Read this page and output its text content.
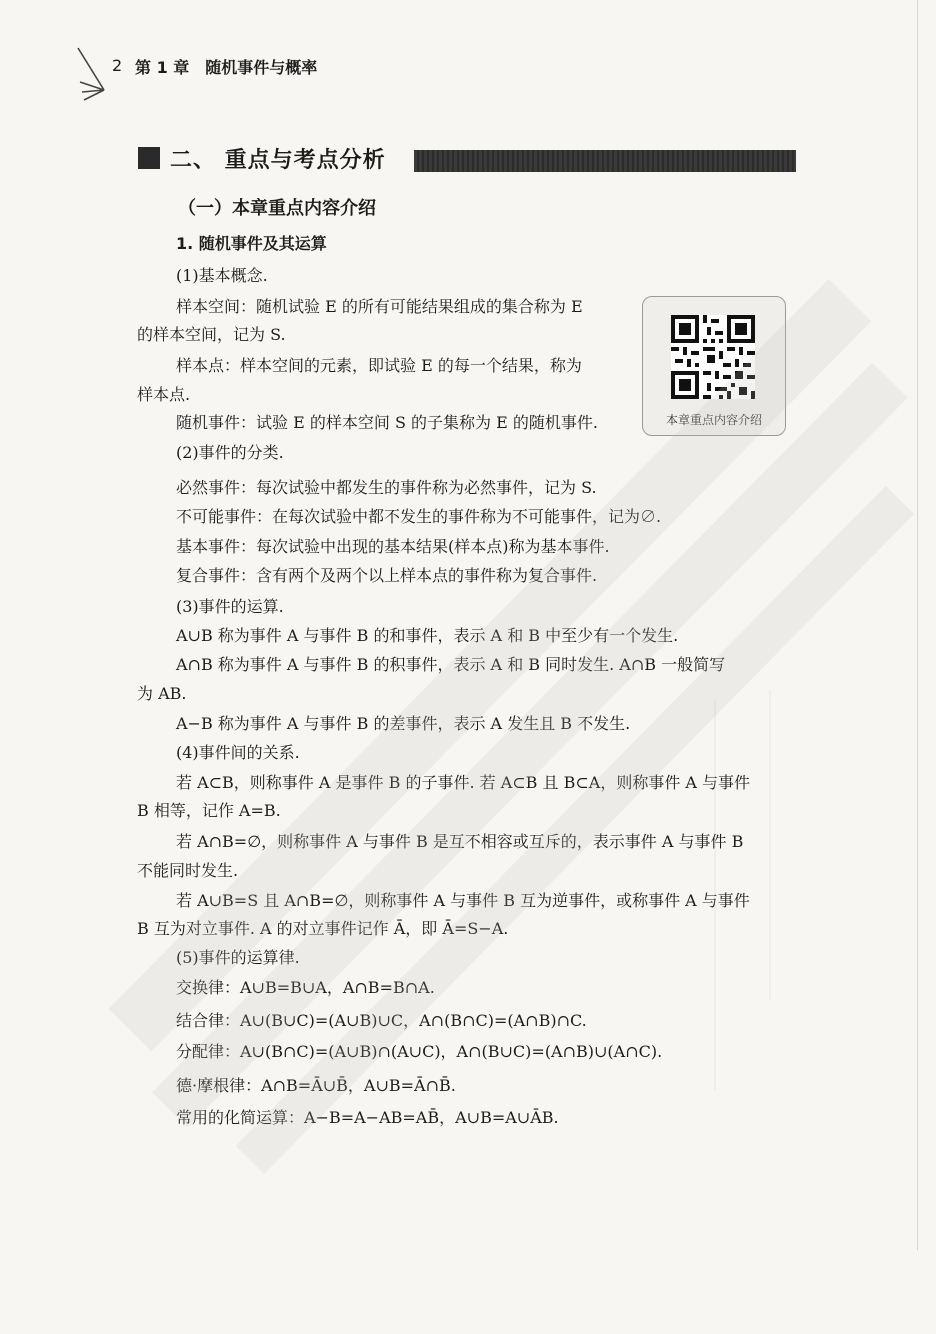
2 第 1 章　随机事件与概率
二、 重点与考点分析
（一）本章重点内容介绍
本章重点内容介绍
1. 随机事件及其运算
(1)基本概念.
样本空间：随机试验 E 的所有可能结果组成的集合称为 E
的样本空间，记为 S.
样本点：样本空间的元素，即试验 E 的每一个结果，称为
样本点.
随机事件：试验 E 的样本空间 S 的子集称为 E 的随机事件.
(2)事件的分类.
必然事件：每次试验中都发生的事件称为必然事件，记为 S.
不可能事件：在每次试验中都不发生的事件称为不可能事件，记为∅.
基本事件：每次试验中出现的基本结果(样本点)称为基本事件.
复合事件：含有两个及两个以上样本点的事件称为复合事件.
(3)事件的运算.
A∪B 称为事件 A 与事件 B 的和事件，表示 A 和 B 中至少有一个发生.
A∩B 称为事件 A 与事件 B 的积事件，表示 A 和 B 同时发生. A∩B 一般简写
为 AB.
A−B 称为事件 A 与事件 B 的差事件，表示 A 发生且 B 不发生.
(4)事件间的关系.
若 A⊂B，则称事件 A 是事件 B 的子事件. 若 A⊂B 且 B⊂A，则称事件 A 与事件
B 相等，记作 A=B.
若 A∩B=∅，则称事件 A 与事件 B 是互不相容或互斥的，表示事件 A 与事件 B
不能同时发生.
若 A∪B=S 且 A∩B=∅，则称事件 A 与事件 B 互为逆事件，或称事件 A 与事件
B 互为对立事件. A 的对立事件记作 Ā，即 Ā=S−A.
(5)事件的运算律.
交换律：A∪B=B∪A，A∩B=B∩A.
结合律：A∪(B∪C)=(A∪B)∪C，A∩(B∩C)=(A∩B)∩C.
分配律：A∪(B∩C)=(A∪B)∩(A∪C)，A∩(B∪C)=(A∩B)∪(A∩C).
德·摩根律：A∩B=Ā∪B̄，A∪B=Ā∩B̄.
常用的化简运算：A−B=A−AB=AB̄，A∪B=A∪ĀB.
